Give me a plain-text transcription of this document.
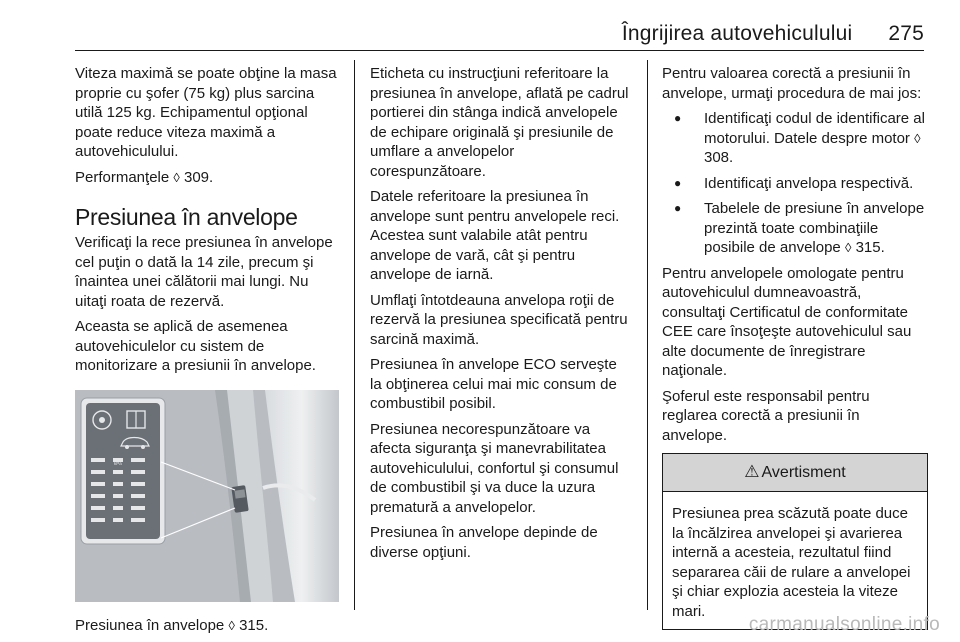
Îngrijirea autovehiculului 275

Viteza maximă se poate obţine la masa proprie cu şofer (75 kg) plus sarcina utilă 125 kg. Echipamentul opţional poate reduce viteza maximă a autovehiculului.

Performanţele ◊ 309.

Presiunea în anvelope

Verificaţi la rece presiunea în anvelope cel puţin o dată la 14 zile, precum şi înaintea unei călătorii mai lungi. Nu uitaţi roata de rezervă.

Aceasta se aplică de asemenea autovehiculelor cu sistem de monitorizare a presiunii în anvelope.

kPa

Presiunea în anvelope ◊ 315.

Eticheta cu instrucţiuni referitoare la presiunea în anvelope, aflată pe cadrul portierei din stânga indică anvelopele de echipare originală şi presiunile de umflare a anvelopelor corespunzătoare.

Datele referitoare la presiunea în anvelope sunt pentru anvelopele reci. Acestea sunt valabile atât pentru anvelope de vară, cât şi pentru anvelope de iarnă.

Umflaţi întotdeauna anvelopa roţii de rezervă la presiunea specificată pentru sarcină maximă.

Presiunea în anvelope ECO serveşte la obţinerea celui mai mic consum de combustibil posibil.

Presiunea necorespunzătoare va afecta siguranţa şi manevrabilitatea autovehiculului, confortul şi consumul de combustibil şi va duce la uzura prematură a anvelopelor.

Presiunea în anvelope depinde de diverse opţiuni.

Pentru valoarea corectă a presiunii în anvelope, urmaţi procedura de mai jos:

● Identificaţi codul de identificare al motorului. Datele despre motor ◊ 308.
● Identificaţi anvelopa respectivă.
● Tabelele de presiune în anvelope prezintă toate combinaţiile posibile de anvelope ◊ 315.

Pentru anvelopele omologate pentru autovehiculul dumneavoastră, consultaţi Certificatul de conformitate CEE care însoţeşte autovehiculul sau alte documente de înregistrare naţionale.

Şoferul este responsabil pentru reglarea corectă a presiunii în anvelope.

⚠ Avertisment

Presiunea prea scăzută poate duce la încălzirea anvelopei şi avarierea internă a acesteia, rezultatul fiind separarea căii de rulare a anvelopei şi chiar explozia acesteia la viteze mari.

carmanualsonline.info
